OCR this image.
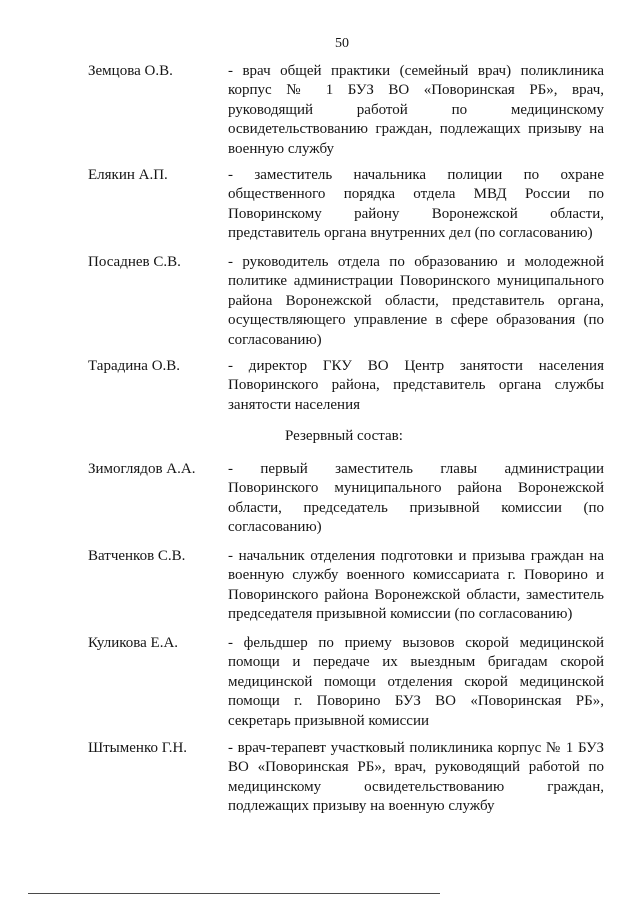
50
Земцова О.В.	- врач общей практики (семейный врач) поликлиника
корпус № 1 БУЗ ВО «Поворинская РБ», врач,
руководящий работой по медицинскому
освидетельствованию граждан, подлежащих призыву на
военную службу
Елякин А.П.	- заместитель начальника полиции по охране
общественного порядка отдела МВД России по
Поворинскому району Воронежской области,
представитель органа внутренних дел (по согласованию)
Посаднев С.В.	- руководитель отдела по образованию и молодежной
политике администрации Поворинского муниципального
района Воронежской области, представитель органа,
осуществляющего управление в сфере образования (по
согласованию)
Тарадина О.В.	- директор ГКУ ВО Центр занятости населения
Поворинского района, представитель органа службы
занятости населения
Резервный состав:
Зимоглядов А.А. - первый заместитель главы администрации
Поворинского муниципального района Воронежской
области, председатель призывной комиссии (по
согласованию)
Ватченков С.В.	- начальник отделения подготовки и призыва граждан на
военную службу военного комиссариата г. Поворино и
Поворинского района Воронежской области, заместитель
председателя призывной комиссии (по согласованию)
Куликова Е.А.	- фельдшер по приему вызовов скорой медицинской
помощи и передаче их выездным бригадам скорой
медицинской помощи отделения скорой медицинской
помощи г. Поворино БУЗ ВО «Поворинская РБ»,
секретарь призывной комиссии
Штыменко Г.Н.	- врач-терапевт участковый поликлиника корпус № 1 БУЗ
ВО «Поворинская РБ», врач, руководящий работой по
медицинскому освидетельствованию граждан,
подлежащих призыву на военную службу
